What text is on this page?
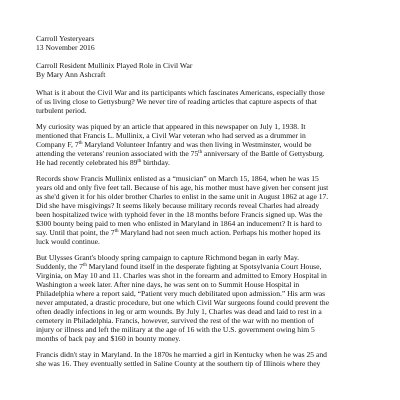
Carroll Yesteryears
13 November 2016
Carroll Resident Mullinix Played Role in Civil War
By Mary Ann Ashcraft
What is it about the Civil War and its participants which fascinates Americans, especially those
of us living close to Gettysburg? We never tire of reading articles that capture aspects of that
turbulent period.
My curiosity was piqued by an article that appeared in this newspaper on July 1, 1938. It
mentioned that Francis L. Mullinix, a Civil War veteran who had served as a drummer in
Company F, 7th Maryland Volunteer Infantry and was then living in Westminster, would be
attending the veterans' reunion associated with the 75th anniversary of the Battle of Gettysburg.
He had recently celebrated his 89th birthday.
Records show Francis Mullinix enlisted as a “musician” on March 15, 1864, when he was 15
years old and only five feet tall. Because of his age, his mother must have given her consent just
as she'd given it for his older brother Charles to enlist in the same unit in August 1862 at age 17.
Did she have misgivings? It seems likely because military records reveal Charles had already
been hospitalized twice with typhoid fever in the 18 months before Francis signed up. Was the
$300 bounty being paid to men who enlisted in Maryland in 1864 an inducement? It is hard to
say. Until that point, the 7th Maryland had not seen much action. Perhaps his mother hoped its
luck would continue.
But Ulysses Grant's bloody spring campaign to capture Richmond began in early May.
Suddenly, the 7th Maryland found itself in the desperate fighting at Spotsylvania Court House,
Virginia, on May 10 and 11. Charles was shot in the forearm and admitted to Emory Hospital in
Washington a week later. After nine days, he was sent on to Summit House Hospital in
Philadelphia where a report said, “Patient very much debilitated upon admission.” His arm was
never amputated, a drastic procedure, but one which Civil War surgeons found could prevent the
often deadly infections in leg or arm wounds. By July 1, Charles was dead and laid to rest in a
cemetery in Philadelphia. Francis, however, survived the rest of the war with no mention of
injury or illness and left the military at the age of 16 with the U.S. government owing him 5
months of back pay and $160 in bounty money.
Francis didn't stay in Maryland. In the 1870s he married a girl in Kentucky when he was 25 and
she was 16. They eventually settled in Saline County at the southern tip of Illinois where they
